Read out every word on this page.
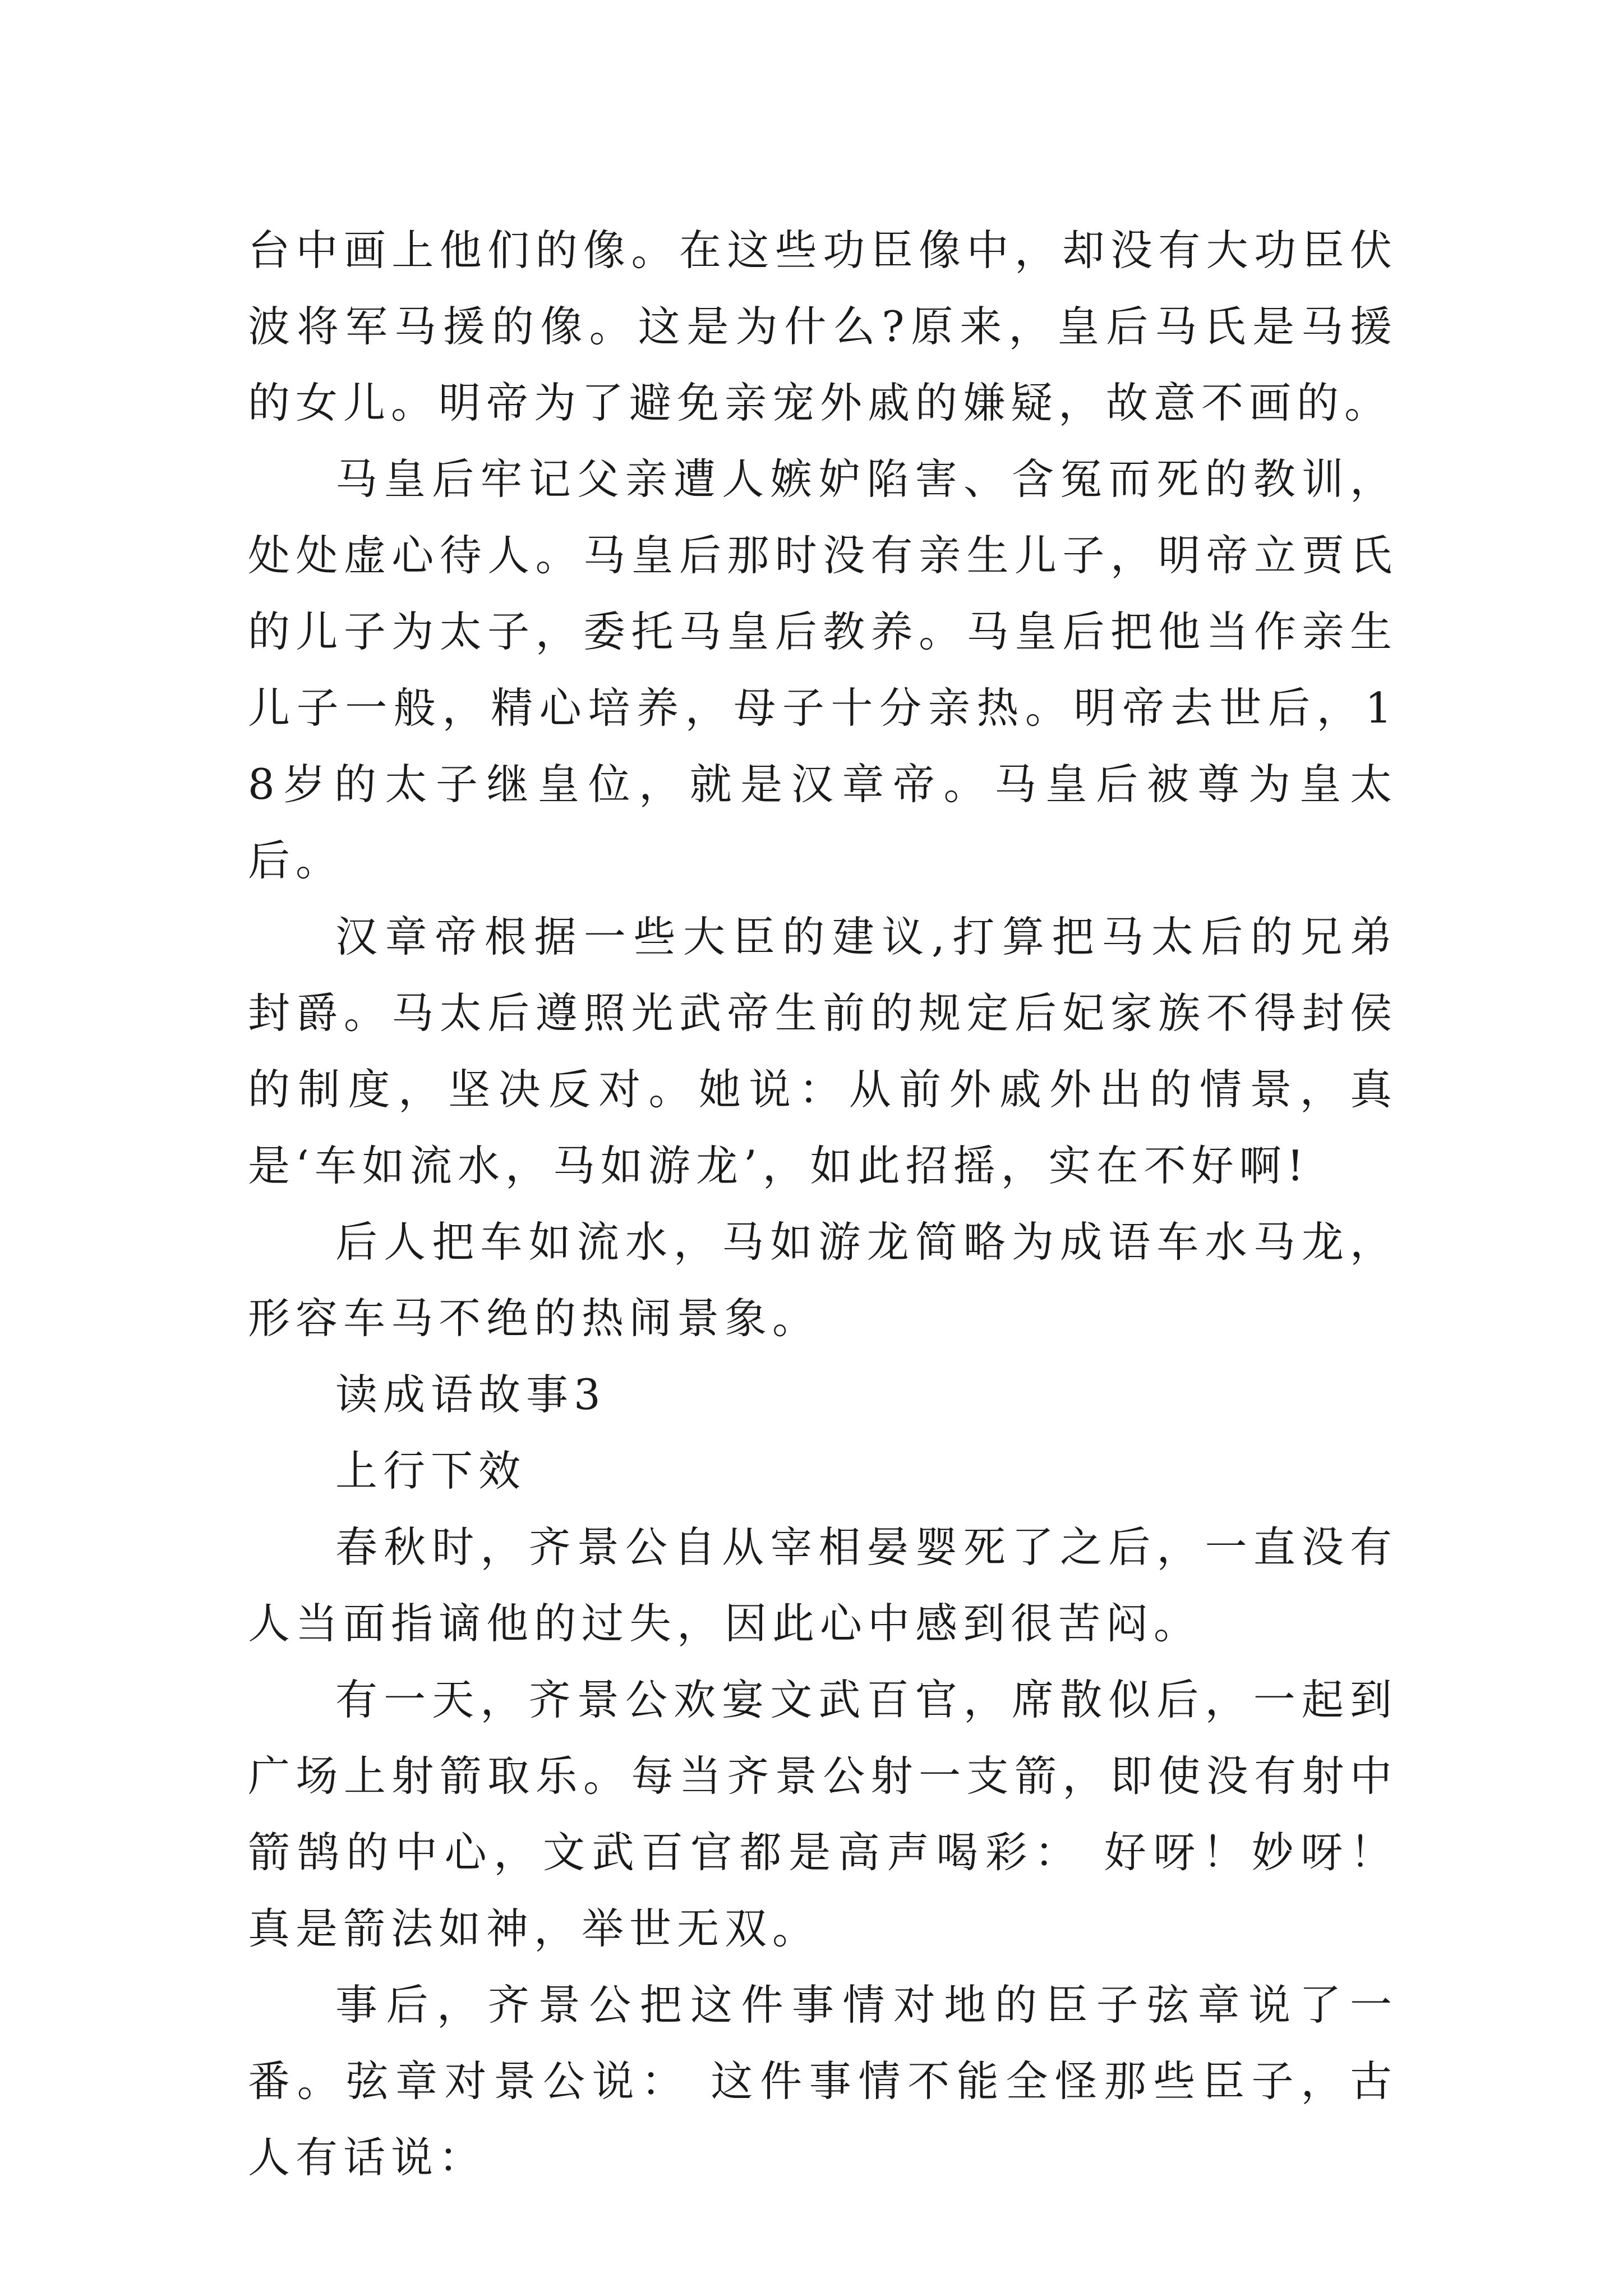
台中画上他们的像。在这些功臣像中，却没有大功臣伏波将军马援的像。这是为什么?原来，皇后马氏是马援的女儿。明帝为了避免亲宠外戚的嫌疑，故意不画的。

马皇后牢记父亲遭人嫉妒陷害、含冤而死的教训，处处虚心待人。马皇后那时没有亲生儿子，明帝立贾氏的儿子为太子，委托马皇后教养。马皇后把他当作亲生儿子一般，精心培养，母子十分亲热。明帝去世后，18岁的太子继皇位，就是汉章帝。马皇后被尊为皇太后。

汉章帝根据一些大臣的建议,打算把马太后的兄弟封爵。马太后遵照光武帝生前的规定后妃家族不得封侯的制度，坚决反对。她说：从前外戚外出的情景，真是‘车如流水，马如游龙’，如此招摇，实在不好啊!

后人把车如流水，马如游龙简略为成语车水马龙，形容车马不绝的热闹景象。

读成语故事3

上行下效

春秋时，齐景公自从宰相晏婴死了之后，一直没有人当面指谪他的过失，因此心中感到很苦闷。

有一天，齐景公欢宴文武百官，席散似后，一起到广场上射箭取乐。每当齐景公射一支箭，即使没有射中箭鹄的中心，文武百官都是高声喝彩： 好呀！妙呀！真是箭法如神，举世无双。

事后，齐景公把这件事情对地的臣子弦章说了一番。弦章对景公说： 这件事情不能全怪那些臣子，古人有话说：
